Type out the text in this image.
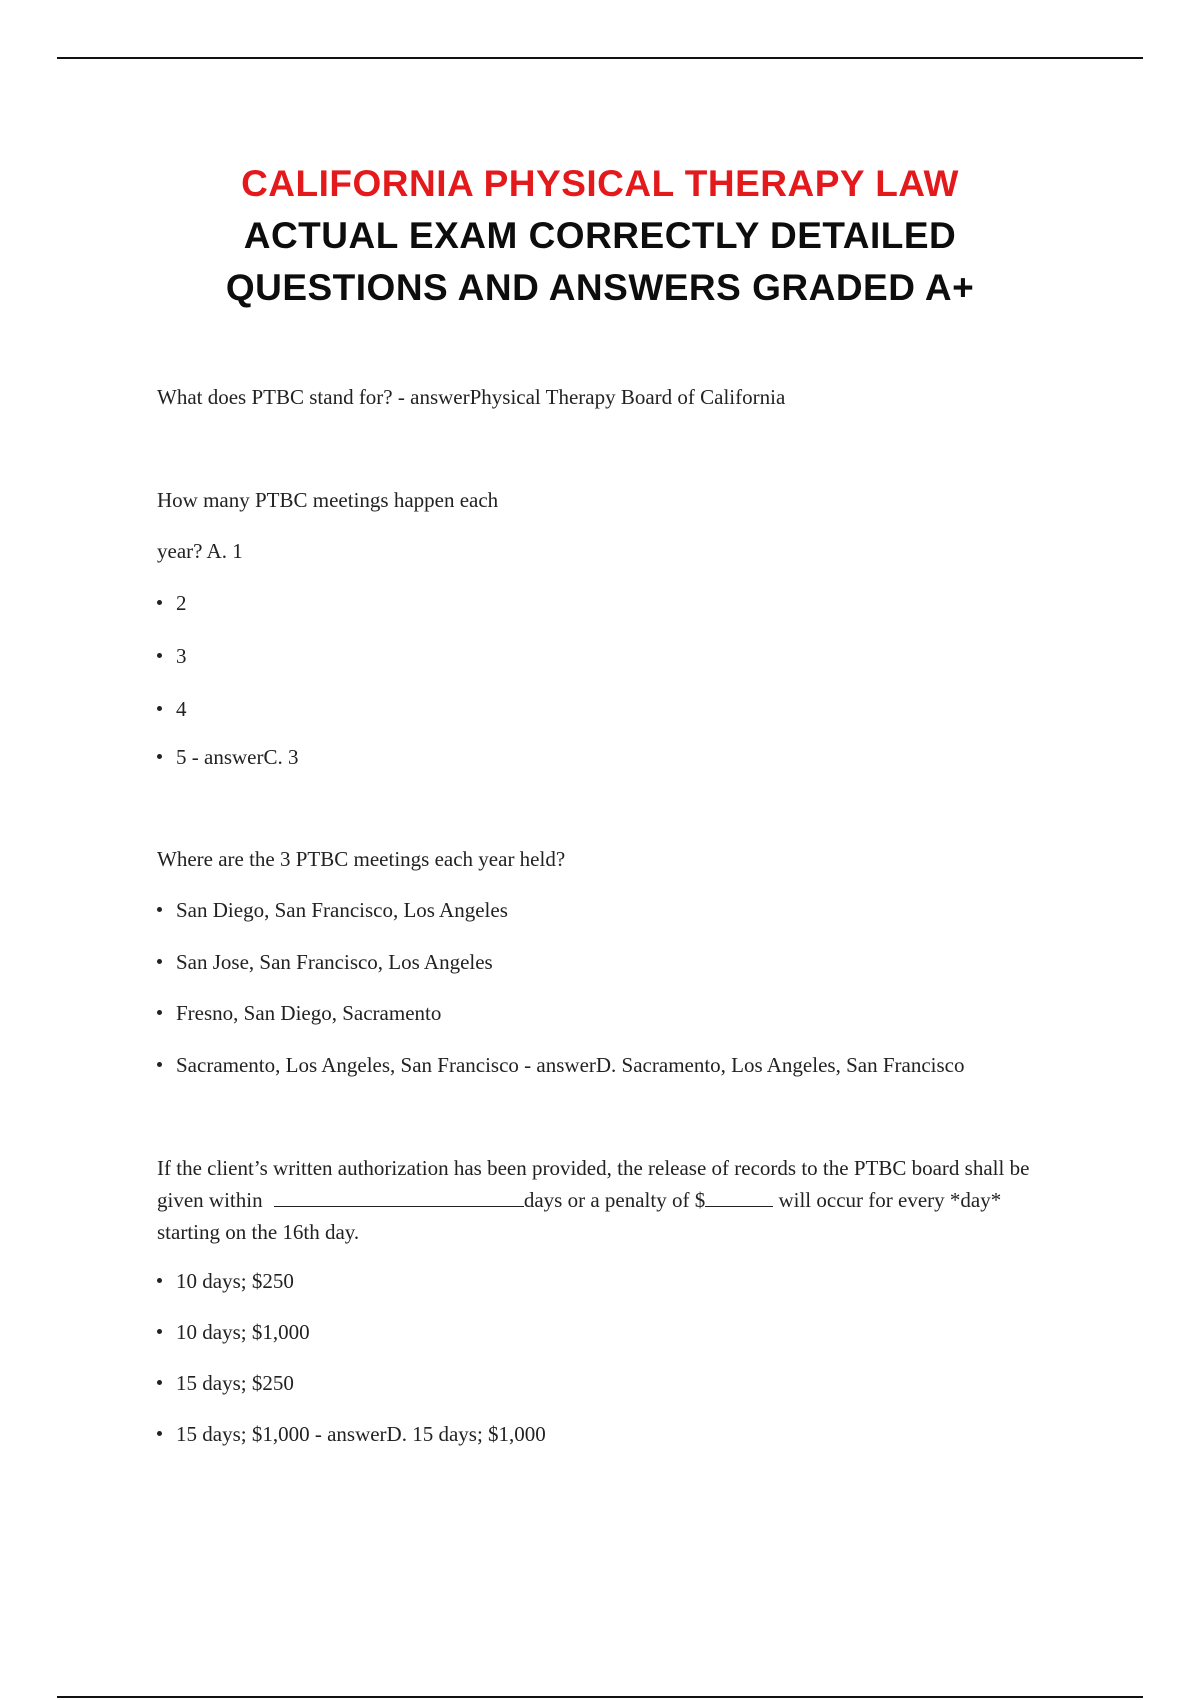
CALIFORNIA PHYSICAL THERAPY LAW
ACTUAL EXAM CORRECTLY DETAILED
QUESTIONS AND ANSWERS GRADED A+
What does PTBC stand for? - answerPhysical Therapy Board of California
How many PTBC meetings happen each
year? A. 1
2
3
4
5 - answerC. 3
Where are the 3 PTBC meetings each year held?
San Diego, San Francisco, Los Angeles
San Jose, San Francisco, Los Angeles
Fresno, San Diego, Sacramento
Sacramento, Los Angeles, San Francisco - answerD. Sacramento, Los Angeles, San Francisco
If the client’s written authorization has been provided, the release of records to the PTBC board shall be given within	days or a penalty of $	will occur for every *day* starting on the 16th day.
10 days; $250
10 days; $1,000
15 days; $250
15 days; $1,000 - answerD. 15 days; $1,000
